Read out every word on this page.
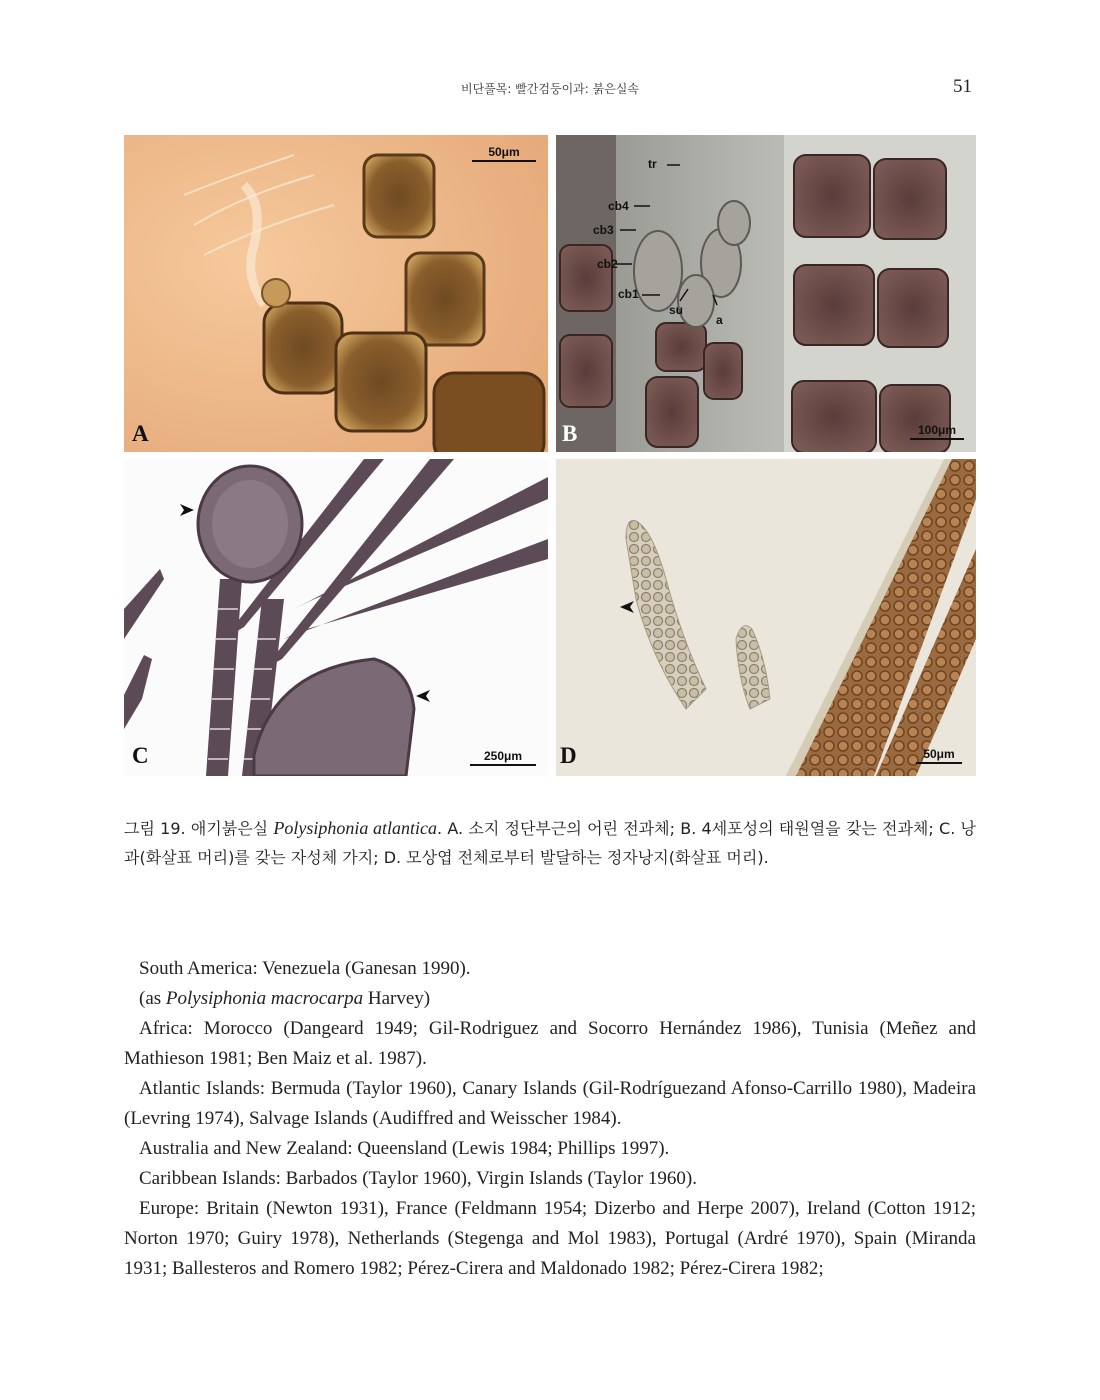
비단풀목: 빨간검둥이과: 붉은실속	51
50μm
A
tr
cb4
cb3
cb2
cb1
su
a
100μm
B
250μm
C	50μm
D
그림 19. 애기붉은실 Polysiphonia atlantica. A. 소지 정단부근의 어린 전과체; B. 4세포성의 태원열을 갖는 전과체; C. 낭과(화살표 머리)를 갖는 자성체 가지; D. 모상엽 전체로부터 발달하는 정자낭지(화살표 머리).

South America: Venezuela (Ganesan 1990).

(as Polysiphonia macrocarpa Harvey)

Africa: Morocco (Dangeard 1949; Gil-Rodriguez and Socorro Hernández 1986), Tunisia (Meñez and Mathieson 1981; Ben Maiz et al. 1987).

Atlantic Islands: Bermuda (Taylor 1960), Canary Islands (Gil-Rodríguezand Afonso-Carrillo 1980), Madeira (Levring 1974), Salvage Islands (Audiffred and Weisscher 1984).

Australia and New Zealand: Queensland (Lewis 1984; Phillips 1997).

Caribbean Islands: Barbados (Taylor 1960), Virgin Islands (Taylor 1960).

Europe: Britain (Newton 1931), France (Feldmann 1954; Dizerbo and Herpe 2007), Ireland (Cotton 1912; Norton 1970; Guiry 1978), Netherlands (Stegenga and Mol 1983), Portugal (Ardré 1970), Spain (Miranda 1931; Ballesteros and Romero 1982; Pérez-Cirera and Maldonado 1982; Pérez-Cirera 1982;
